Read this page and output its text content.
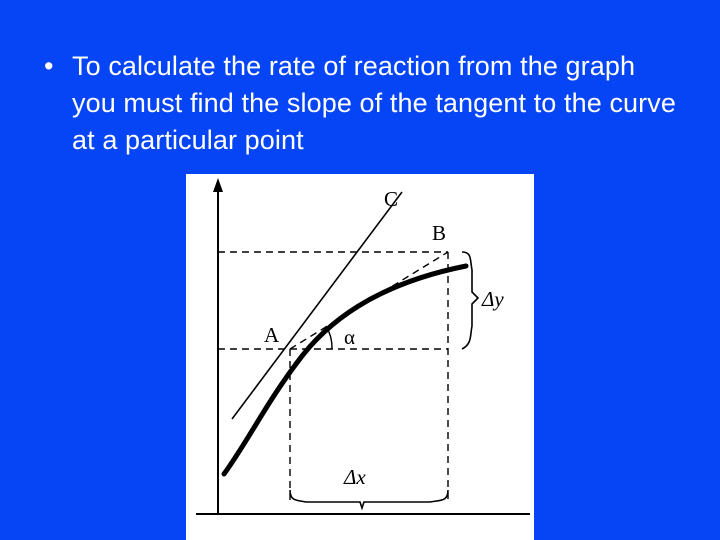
• To calculate the rate of reaction from the graph you must find the slope of the tangent to the curve at a particular point
C
B
A	α
Δx
Δy
